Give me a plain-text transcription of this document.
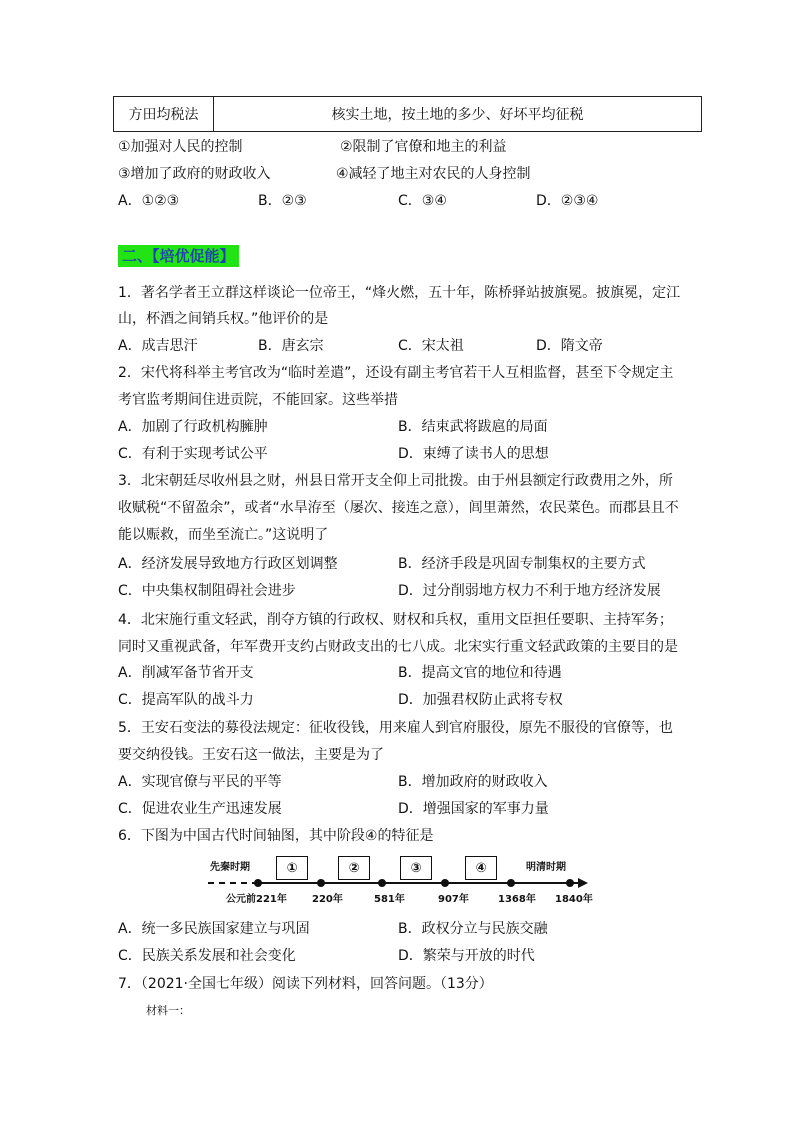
方田均税法	核实土地，按土地的多少、好坏平均征税
①加强对人民的控制	②限制了官僚和地主的利益
③增加了政府的财政收入	④减轻了地主对农民的人身控制
A．①②③	B．②③	C．③④	D．②③④
二、【培优促能】
1．著名学者王立群这样谈论一位帝王，“烽火燃，五十年，陈桥驿站披旗冕。披旗冕，定江
山，杯酒之间销兵权。”他评价的是
A．成吉思汗	B．唐玄宗	C．宋太祖	D．隋文帝
2．宋代将科举主考官改为“临时差遣”，还设有副主考官若干人互相监督，甚至下令规定主
考官监考期间住进贡院，不能回家。这些举措
A．加剧了行政机构臃肿	B．结束武将跋扈的局面
C．有利于实现考试公平	D．束缚了读书人的思想
3．北宋朝廷尽收州县之财，州县日常开支全仰上司批拨。由于州县额定行政费用之外，所
收赋税“不留盈余”，或者“水旱洊至（屡次、接连之意），闾里萧然，农民菜色。而郡县且不
能以赈救，而坐至流亡。”这说明了
A．经济发展导致地方行政区划调整	B．经济手段是巩固专制集权的主要方式
C．中央集权制阻碍社会进步	D．过分削弱地方权力不利于地方经济发展
4．北宋施行重文轻武，削夺方镇的行政权、财权和兵权，重用文臣担任要职、主持军务；
同时又重视武备，年军费开支约占财政支出的七八成。北宋实行重文轻武政策的主要目的是
A．削减军备节省开支	B．提高文官的地位和待遇
C．提高军队的战斗力	D．加强君权防止武将专权
5．王安石变法的募役法规定：征收役钱，用来雇人到官府服役，原先不服役的官僚等，也
要交纳役钱。王安石这一做法，主要是为了
A．实现官僚与平民的平等	B．增加政府的财政收入
C．促进农业生产迅速发展	D．增强国家的军事力量
6．下图为中国古代时间轴图，其中阶段④的特征是
先秦时期	明清时期
①	②	③	④
公元前221年	220年	581年	907年	1368年 1840年
A．统一多民族国家建立与巩固	B．政权分立与民族交融
C．民族关系发展和社会变化	D．繁荣与开放的时代
7．（2021·全国七年级）阅读下列材料，回答问题。（13分）
材料一：
